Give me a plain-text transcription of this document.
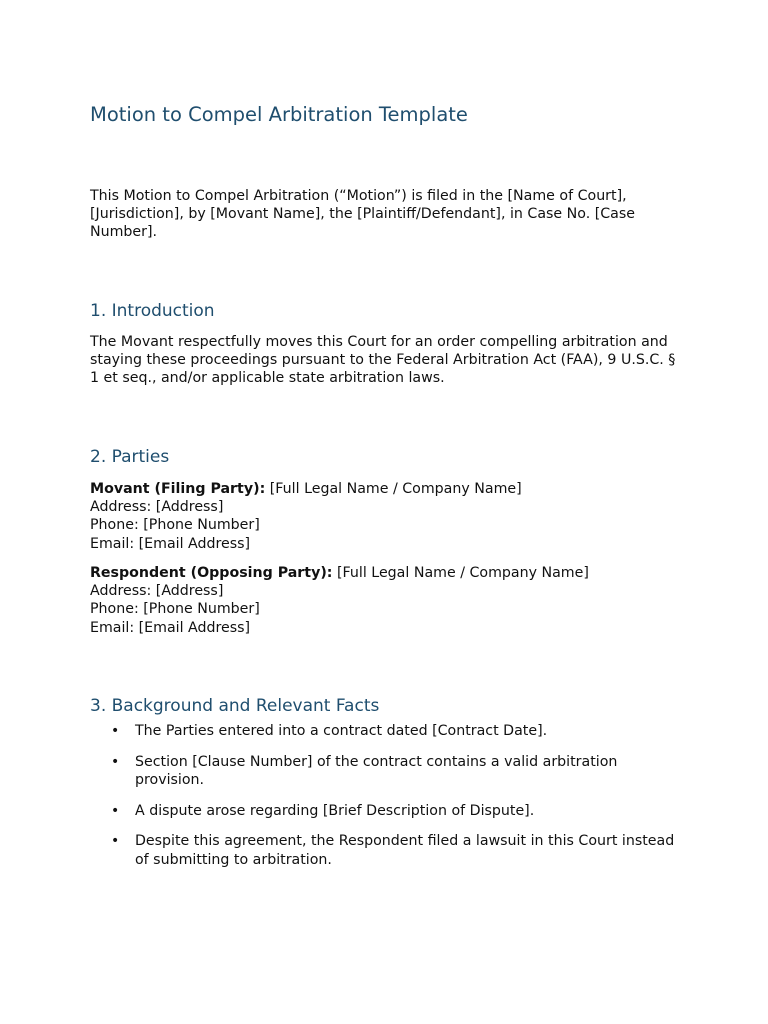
Motion to Compel Arbitration Template

This Motion to Compel Arbitration (“Motion”) is filed in the [Name of Court], [Jurisdiction], by [Movant Name], the [Plaintiff/Defendant], in Case No. [Case Number].

1. Introduction

The Movant respectfully moves this Court for an order compelling arbitration and staying these proceedings pursuant to the Federal Arbitration Act (FAA), 9 U.S.C. § 1 et seq., and/or applicable state arbitration laws.

2. Parties
Movant (Filing Party): [Full Legal Name / Company Name]
Address: [Address]
Phone: [Phone Number]
Email: [Email Address]
Respondent (Opposing Party): [Full Legal Name / Company Name]
Address: [Address]
Phone: [Phone Number]
Email: [Email Address]
3. Background and Relevant Facts
• The Parties entered into a contract dated [Contract Date].
• Section [Clause Number] of the contract contains a valid arbitration provision.
• A dispute arose regarding [Brief Description of Dispute].
• Despite this agreement, the Respondent filed a lawsuit in this Court instead of submitting to arbitration.
